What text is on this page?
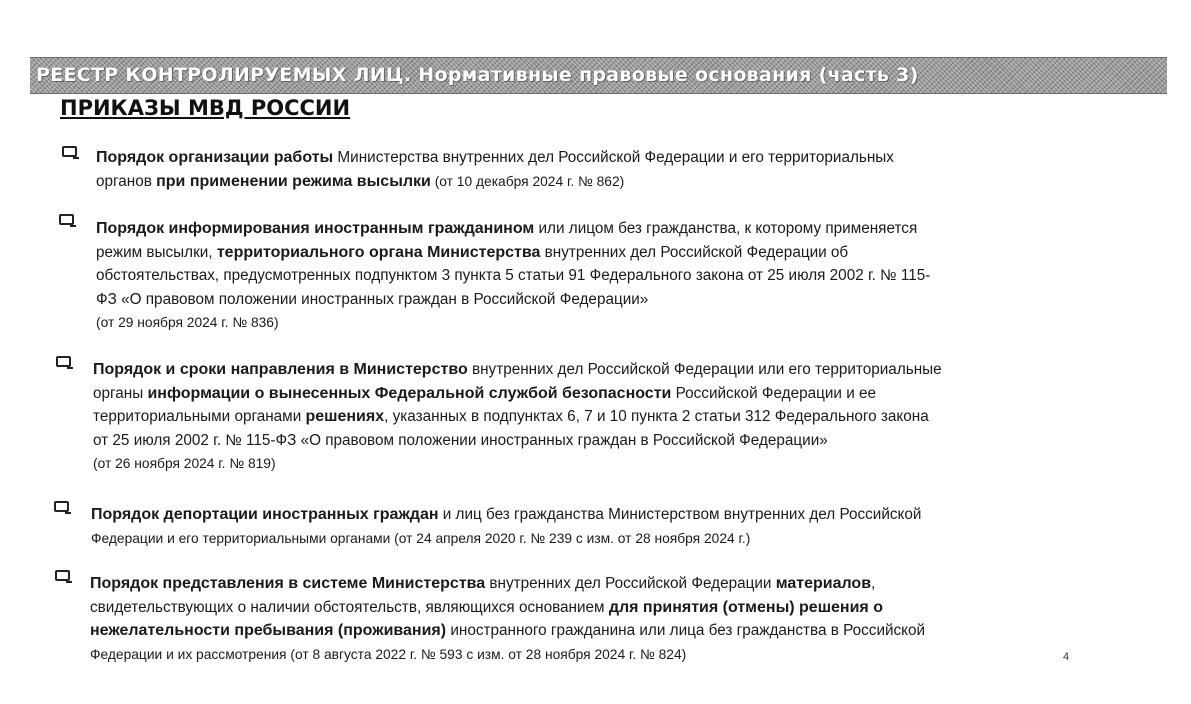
РЕЕСТР КОНТРОЛИРУЕМЫХ ЛИЦ. Нормативные правовые основания (часть 3)
ПРИКАЗЫ МВД РОССИИ
Порядок организации работы Министерства внутренних дел Российской Федерации и его территориальных
органов при применении режима высылки (от 10 декабря 2024 г. № 862)
Порядок информирования иностранным гражданином или лицом без гражданства, к которому применяется
режим высылки, территориального органа Министерства внутренних дел Российской Федерации об
обстоятельствах, предусмотренных подпунктом 3 пункта 5 статьи 91 Федерального закона от 25 июля 2002 г. № 115-
ФЗ «О правовом положении иностранных граждан в Российской Федерации»
(от 29 ноября 2024 г. № 836)
Порядок и сроки направления в Министерство внутренних дел Российской Федерации или его территориальные
органы информации о вынесенных Федеральной службой безопасности Российской Федерации и ее
территориальными органами решениях, указанных в подпунктах 6, 7 и 10 пункта 2 статьи 312 Федерального закона
от 25 июля 2002 г. № 115-ФЗ «О правовом положении иностранных граждан в Российской Федерации»
(от 26 ноября 2024 г. № 819)
Порядок депортации иностранных граждан и лиц без гражданства Министерством внутренних дел Российской
Федерации и его территориальными органами (от 24 апреля 2020 г. № 239 с изм. от 28 ноября 2024 г.)
Порядок представления в системе Министерства внутренних дел Российской Федерации материалов,
свидетельствующих о наличии обстоятельств, являющихся основанием для принятия (отмены) решения о
нежелательности пребывания (проживания) иностранного гражданина или лица без гражданства в Российской
Федерации и их рассмотрения (от 8 августа 2022 г. № 593 с изм. от 28 ноября 2024 г. № 824)	4
